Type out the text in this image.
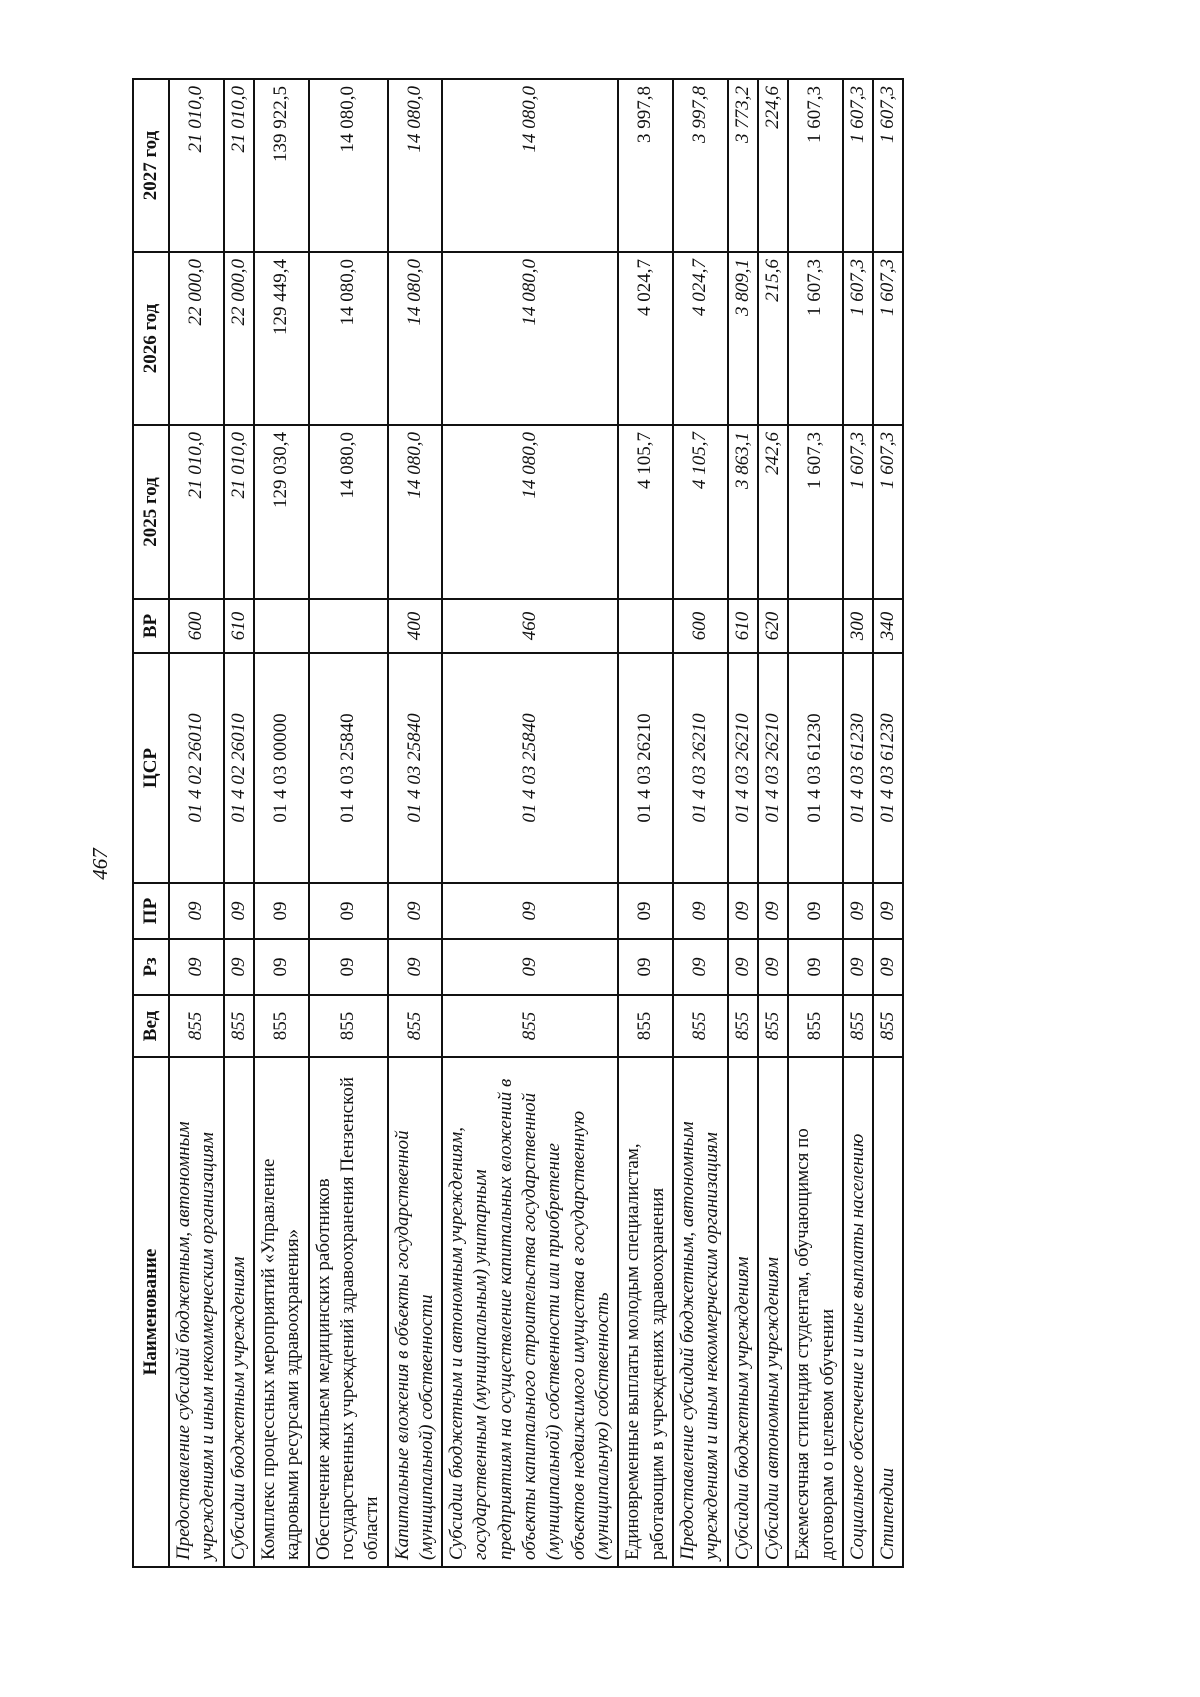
467
Наименование	Вед	Рз	ПР	ЦСР	ВР	2025 год	2026 год	2027 год
Предоставление субсидий бюджетным, автономным учреждениям и иным некоммерческим организациям	855	09	09	01 4 02 26010	600	21 010,0	22 000,0	21 010,0
Субсидии бюджетным учреждениям	855	09	09	01 4 02 26010	610	21 010,0	22 000,0	21 010,0
Комплекс процессных мероприятий «Управление кадровыми ресурсами здравоохранения»	855	09	09	01 4 03 00000		129 030,4	129 449,4	139 922,5
Обеспечение жильем медицинских работников государственных учреждений здравоохранения Пензенской области	855	09	09	01 4 03 25840		14 080,0	14 080,0	14 080,0
Капитальные вложения в объекты государственной (муниципальной) собственности	855	09	09	01 4 03 25840	400	14 080,0	14 080,0	14 080,0
Субсидии бюджетным и автономным учреждениям, государственным (муниципальным) унитарным предприятиям на осуществление капитальных вложений в объекты капитального строительства государственной (муниципальной) собственности или приобретение объектов недвижимого имущества в государственную (муниципальную) собственность	855	09	09	01 4 03 25840	460	14 080,0	14 080,0	14 080,0
Единовременные выплаты молодым специалистам, работающим в учреждениях здравоохранения	855	09	09	01 4 03 26210		4 105,7	4 024,7	3 997,8
Предоставление субсидий бюджетным, автономным учреждениям и иным некоммерческим организациям	855	09	09	01 4 03 26210	600	4 105,7	4 024,7	3 997,8
Субсидии бюджетным учреждениям	855	09	09	01 4 03 26210	610	3 863,1	3 809,1	3 773,2
Субсидии автономным учреждениям	855	09	09	01 4 03 26210	620	242,6	215,6	224,6
Ежемесячная стипендия студентам, обучающимся по договорам о целевом обучении	855	09	09	01 4 03 61230		1 607,3	1 607,3	1 607,3
Социальное обеспечение и иные выплаты населению	855	09	09	01 4 03 61230	300	1 607,3	1 607,3	1 607,3
Стипендии	855	09	09	01 4 03 61230	340	1 607,3	1 607,3	1 607,3
